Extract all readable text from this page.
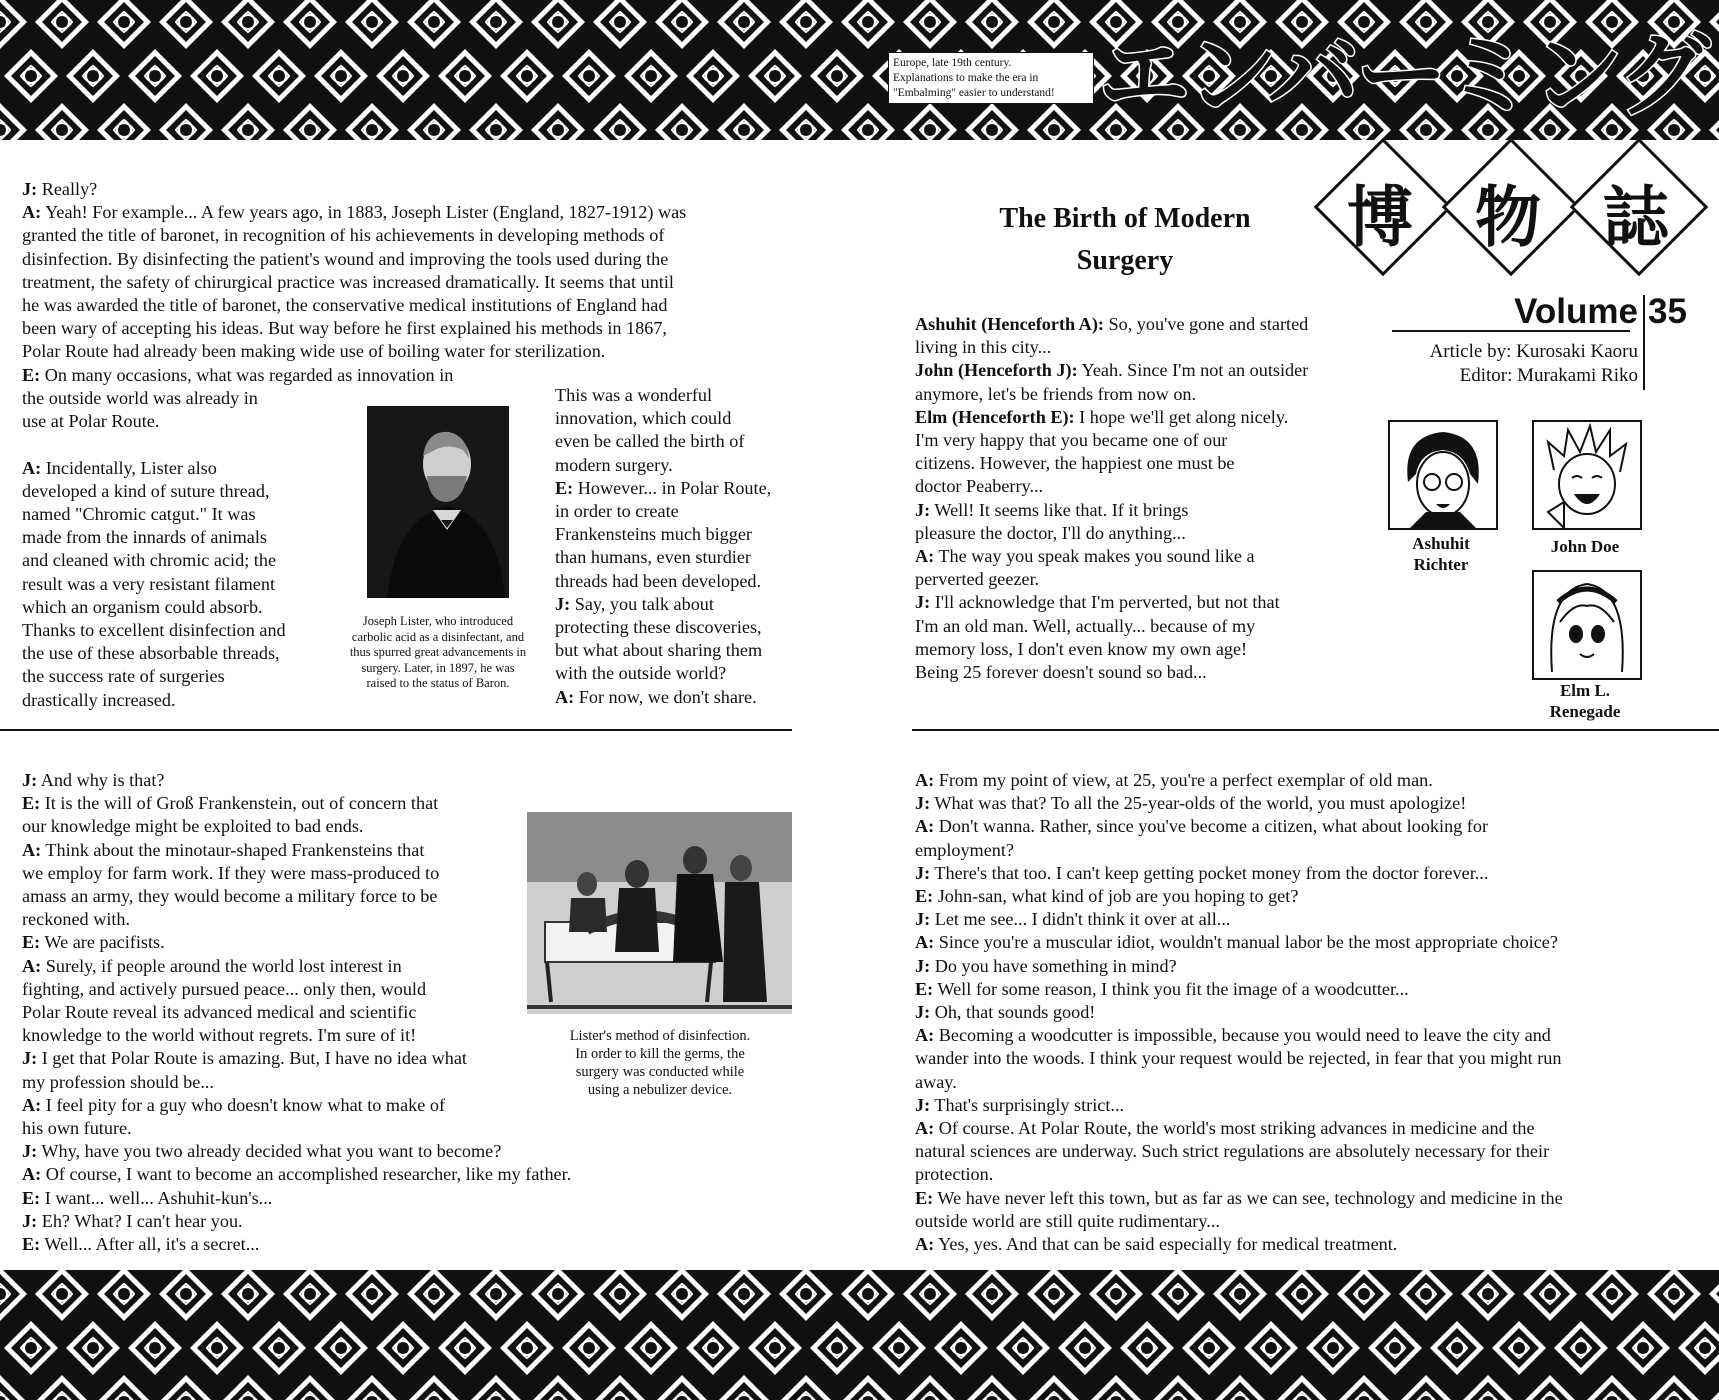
Europe, late 19th century.
Explanations to make the era in
"Embalming" easier to understand! エンバーミング
博 物 誌
The Birth of Modern
Surgery
Volume 35
Article by: Kurosaki Kaoru
Editor: Murakami Riko
Ashuhit
Richter
John Doe
Elm L.
Renegade
Joseph Lister, who introduced
carbolic acid as a disinfectant, and
thus spurred great advancements in
surgery. Later, in 1897, he was
raised to the status of Baron.
Lister's method of disinfection.
In order to kill the germs, the
surgery was conducted while
using a nebulizer device.
J: Really?
A: Yeah! For example... A few years ago, in 1883, Joseph Lister (England, 1827-1912) was
granted the title of baronet, in recognition of his achievements in developing methods of
disinfection. By disinfecting the patient's wound and improving the tools used during the
treatment, the safety of chirurgical practice was increased dramatically. It seems that until
he was awarded the title of baronet, the conservative medical institutions of England had
been wary of accepting his ideas. But way before he first explained his methods in 1867,
Polar Route had already been making wide use of boiling water for sterilization.
E: On many occasions, what was regarded as innovation in
the outside world was already in
use at Polar Route.
A: Incidentally, Lister also
developed a kind of suture thread,
named "Chromic catgut." It was
made from the innards of animals
and cleaned with chromic acid; the
result was a very resistant filament
which an organism could absorb.
Thanks to excellent disinfection and
the use of these absorbable threads,
the success rate of surgeries
drastically increased.
This was a wonderful
innovation, which could
even be called the birth of
modern surgery.
E: However... in Polar Route,
in order to create
Frankensteins much bigger
than humans, even sturdier
threads had been developed.
J: Say, you talk about
protecting these discoveries,
but what about sharing them
with the outside world?
A: For now, we don't share.
Ashuhit (Henceforth A): So, you've gone and started
living in this city...
John (Henceforth J): Yeah. Since I'm not an outsider
anymore, let's be friends from now on.
Elm (Henceforth E): I hope we'll get along nicely.
I'm very happy that you became one of our
citizens. However, the happiest one must be
doctor Peaberry...
J: Well! It seems like that. If it brings
pleasure the doctor, I'll do anything...
A: The way you speak makes you sound like a
perverted geezer.
J: I'll acknowledge that I'm perverted, but not that
I'm an old man. Well, actually... because of my
memory loss, I don't even know my own age!
Being 25 forever doesn't sound so bad...
J: And why is that?
E: It is the will of Groß Frankenstein, out of concern that
our knowledge might be exploited to bad ends.
A: Think about the minotaur-shaped Frankensteins that
we employ for farm work. If they were mass-produced to
amass an army, they would become a military force to be
reckoned with.
E: We are pacifists.
A: Surely, if people around the world lost interest in
fighting, and actively pursued peace... only then, would
Polar Route reveal its advanced medical and scientific
knowledge to the world without regrets. I'm sure of it!
J: I get that Polar Route is amazing. But, I have no idea what
my profession should be...
A: I feel pity for a guy who doesn't know what to make of
his own future.
J: Why, have you two already decided what you want to become?
A: Of course, I want to become an accomplished researcher, like my father.
E: I want... well... Ashuhit-kun's...
J: Eh? What? I can't hear you.
E: Well... After all, it's a secret...
A: From my point of view, at 25, you're a perfect exemplar of old man.
J: What was that? To all the 25-year-olds of the world, you must apologize!
A: Don't wanna. Rather, since you've become a citizen, what about looking for
employment?
J: There's that too. I can't keep getting pocket money from the doctor forever...
E: John-san, what kind of job are you hoping to get?
J: Let me see... I didn't think it over at all...
A: Since you're a muscular idiot, wouldn't manual labor be the most appropriate choice?
J: Do you have something in mind?
E: Well for some reason, I think you fit the image of a woodcutter...
J: Oh, that sounds good!
A: Becoming a woodcutter is impossible, because you would need to leave the city and
wander into the woods. I think your request would be rejected, in fear that you might run
away.
J: That's surprisingly strict...
A: Of course. At Polar Route, the world's most striking advances in medicine and the
natural sciences are underway. Such strict regulations are absolutely necessary for their
protection.
E: We have never left this town, but as far as we can see, technology and medicine in the
outside world are still quite rudimentary...
A: Yes, yes. And that can be said especially for medical treatment.
